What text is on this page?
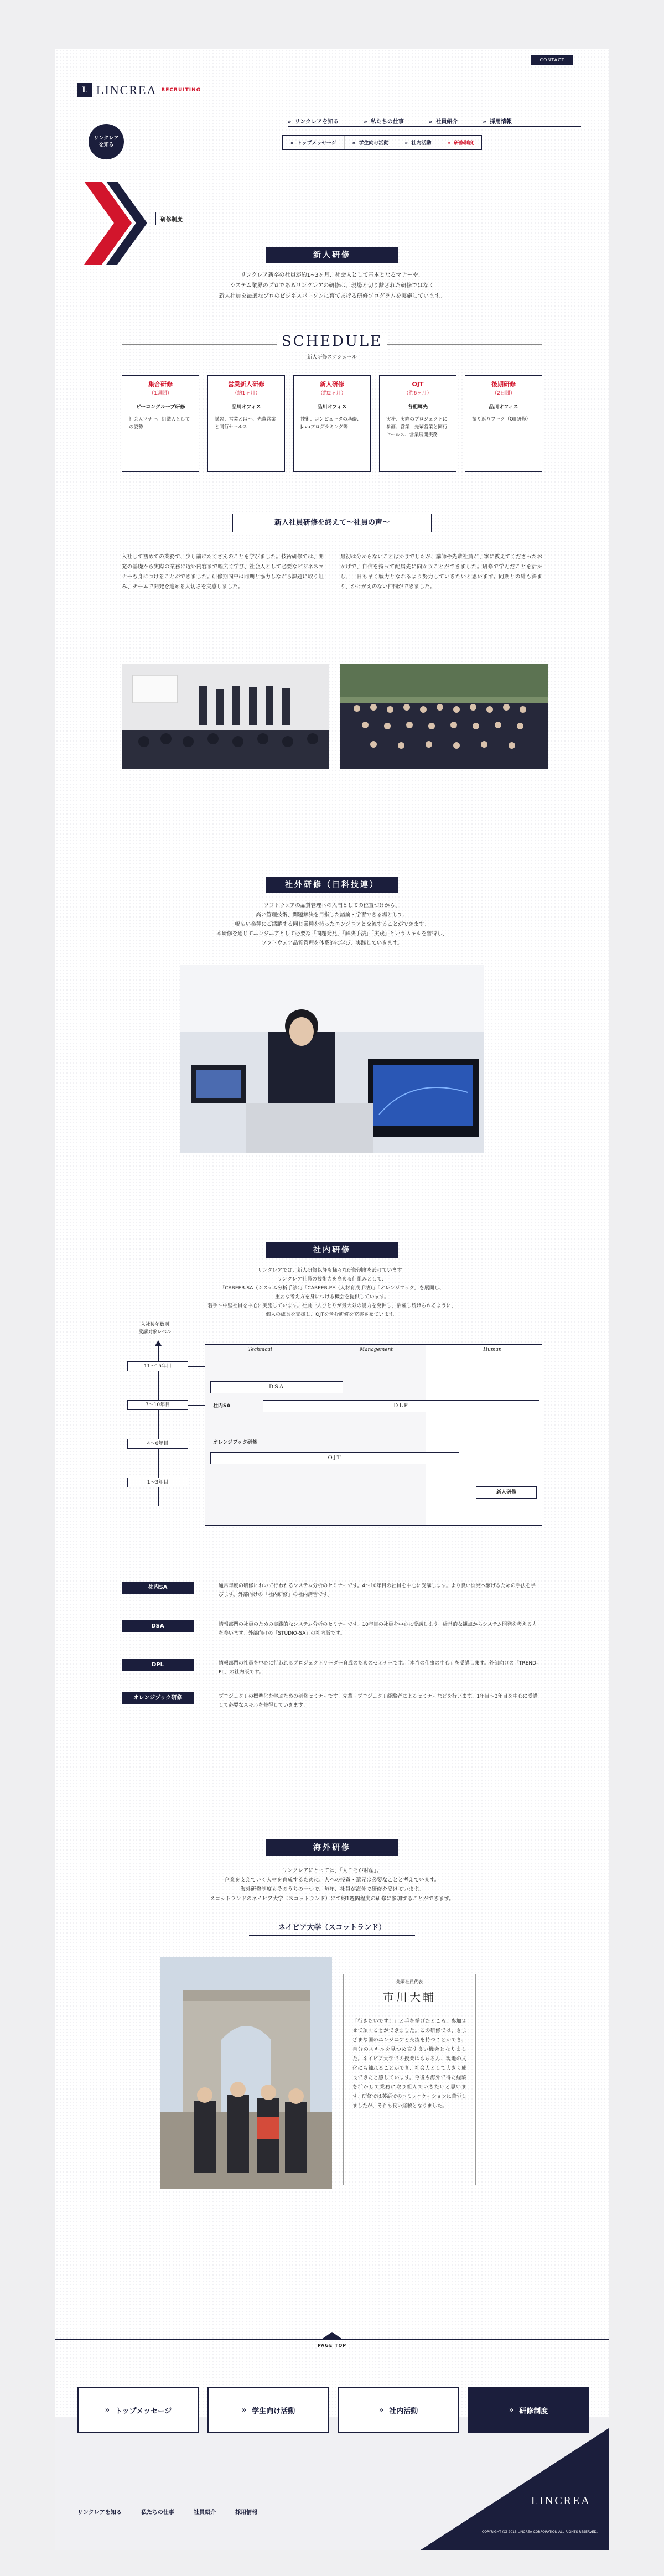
CONTACT
L LINCREA RECRUITING
» リンクレアを知る	» 私たちの仕事	» 社員紹介	» 採用情報
» トップメッセージ	» 学生向け活動	» 社内活動	» 研修制度
リンクレア
を知る
研修制度
新人研修
リンクレア新卒の社員が約1~3ヶ月、社会人として基本となるマナーや、
システム業界のプロであるリンクレアの研修は、現場と切り離された研修ではなく
新人社員を最適なプロのビジネスパーソンに育てあげる研修プログラムを実施しています。
SCHEDULE
新人研修スケジュール
集合研修
（1週間）
ピーコングループ研修
社会人マナー、組織人としての姿勢
営業新人研修
（約1ヶ月）
品川オフィス
講習：営業とは〜、先輩営業と同行セールス
新人研修
（約2ヶ月）
品川オフィス
技術：コンピュータの基礎、Javaプログラミング等
OJT
（約6ヶ月）
各配属先
実務：実際のプロジェクトに参画、営業：先輩営業と同行セールス、営業展開実務
後期研修
（2日間）
品川オフィス
振り返りワーク（Off研修）
新入社員研修を終えて〜社員の声〜
入社して初めての業務で、少し前にたくさんのことを学びました。技術研修では、開発の基礎から実際の業務に近い内容まで幅広く学び、社会人として必要なビジネスマナーも身につけることができました。研修期間中は同期と協力しながら課題に取り組み、チームで開発を進める大切さを実感しました。
最初は分からないことばかりでしたが、講師や先輩社員が丁寧に教えてくださったおかげで、自信を持って配属先に向かうことができました。研修で学んだことを活かし、一日も早く戦力となれるよう努力していきたいと思います。同期との絆も深まり、かけがえのない仲間ができました。
社外研修（日科技連）
ソフトウェアの品質管理への入門としての位置づけから、
高い管理技術、問題解決を目指した議論・学習できる場として、
幅広い業種にご活躍する同じ業種を持ったエンジニアと交流することができます。
本研修を通じてエンジニアとして必要な「問題発見」「解決手法」「実践」というスキルを習得し、
ソフトウェア品質管理を体系的に学び、実践していきます。
社内研修
リンクレアでは、新人研修以降も様々な研修制度を設けています。
リンクレア社員の技術力を高める仕組みとして、
「CAREER-SA（システム分析手法）」「CAREER-PE（人材育成手法）」「オレンジブック」を展開し、
重要な考え方を身につける機会を提供しています。
若手〜中堅社員を中心に実施しています。社員一人ひとりが最大限の能力を発揮し、活躍し続けられるように、
個人の成長を支援し、OJTを含む研修を充実させています。
入社後年数別
受講対象レベル
Technical	Management	Human
11〜15年目
7〜10年目
4〜6年目
1〜3年目
DSA
社内SA	DLP
オレンジブック研修
OJT
新人研修
社内SA	通常年度の研修において行われるシステム分析のセミナーです。4〜10年目の社員を中心に受講します。より良い開発へ繋げるための手法を学びます。外部向けの「社内研修」の社内講習です。
DSA	情報部門の社員のための実践的なシステム分析のセミナーです。10年目の社員を中心に受講します。経営的な観点からシステム開発を考える力を養います。外部向けの「STUDIO-SA」の社内版です。
DPL	情報部門の社員を中心に行われるプロジェクトリーダー育成のためのセミナーです。「本当の仕事の中心」を受講します。外部向けの「TREND-PL」の社内版です。
オレンジブック研修	プロジェクトの標準化を学ぶための研修セミナーです。先輩・プロジェクト経験者によるセミナーなどを行います。1年目〜3年目を中心に受講して必要なスキルを修得していきます。
海外研修
リンクレアにとっては、「人こそが財産」。
企業を支えていく人材を育成するために、人への投資・還元は必要なことと考えています。
海外研修制度もそのうちの一つで、毎年、社員が海外で研修を受けています。
スコットランドのネイピア大学（スコットランド）にて約1週間程度の研修に参加することができます。
ネイピア大学（スコットランド）
先輩社員代表
市川大輔
「行きたいです！」と手を挙げたところ、参加させて頂くことができました。この研修では、さまざまな国のエンジニアと交流を持つことができ、自分のスキルを見つめ直す良い機会となりました。ネイピア大学での授業はもちろん、現地の文化にも触れることができ、社会人として大きく成長できたと感じています。今後も海外で得た経験を活かして業務に取り組んでいきたいと思います。研修では英語でのコミュニケーションに苦労しましたが、それも良い経験となりました。
PAGE TOP
» トップメッセージ	» 学生向け活動	» 社内活動	» 研修制度
LINCREA
COPYRIGHT (C) 2015 LINCREA CORPORATION ALL RIGHTS RESERVED.
リンクレアを知る	私たちの仕事	社員紹介	採用情報
